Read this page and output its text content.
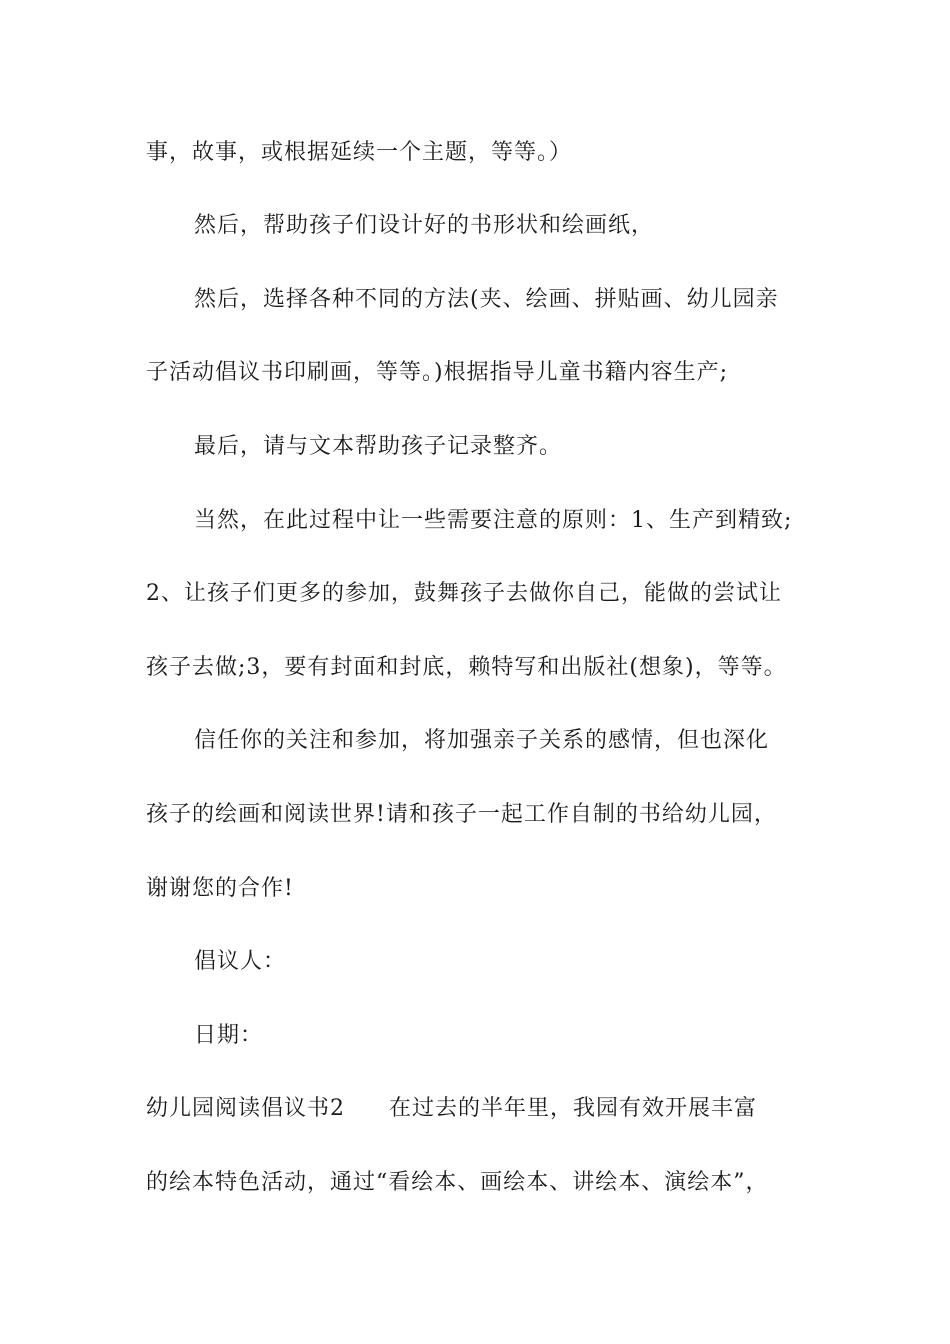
事，故事，或根据延续一个主题，等等。）
然后，帮助孩子们设计好的书形状和绘画纸，
然后，选择各种不同的方法(夹、绘画、拼贴画、幼儿园亲
子活动倡议书印刷画，等等。)根据指导儿童书籍内容生产;
最后，请与文本帮助孩子记录整齐。
当然，在此过程中让一些需要注意的原则：1、生产到精致;
2、让孩子们更多的参加，鼓舞孩子去做你自己，能做的尝试让
孩子去做;3，要有封面和封底，赖特写和出版社(想象)，等等。
信任你的关注和参加，将加强亲子关系的感情，但也深化
孩子的绘画和阅读世界!请和孩子一起工作自制的书给幼儿园，
谢谢您的合作!
倡议人：
日期：
幼儿园阅读倡议书2 在过去的半年里，我园有效开展丰富
的绘本特色活动，通过“看绘本、画绘本、讲绘本、演绘本”，
